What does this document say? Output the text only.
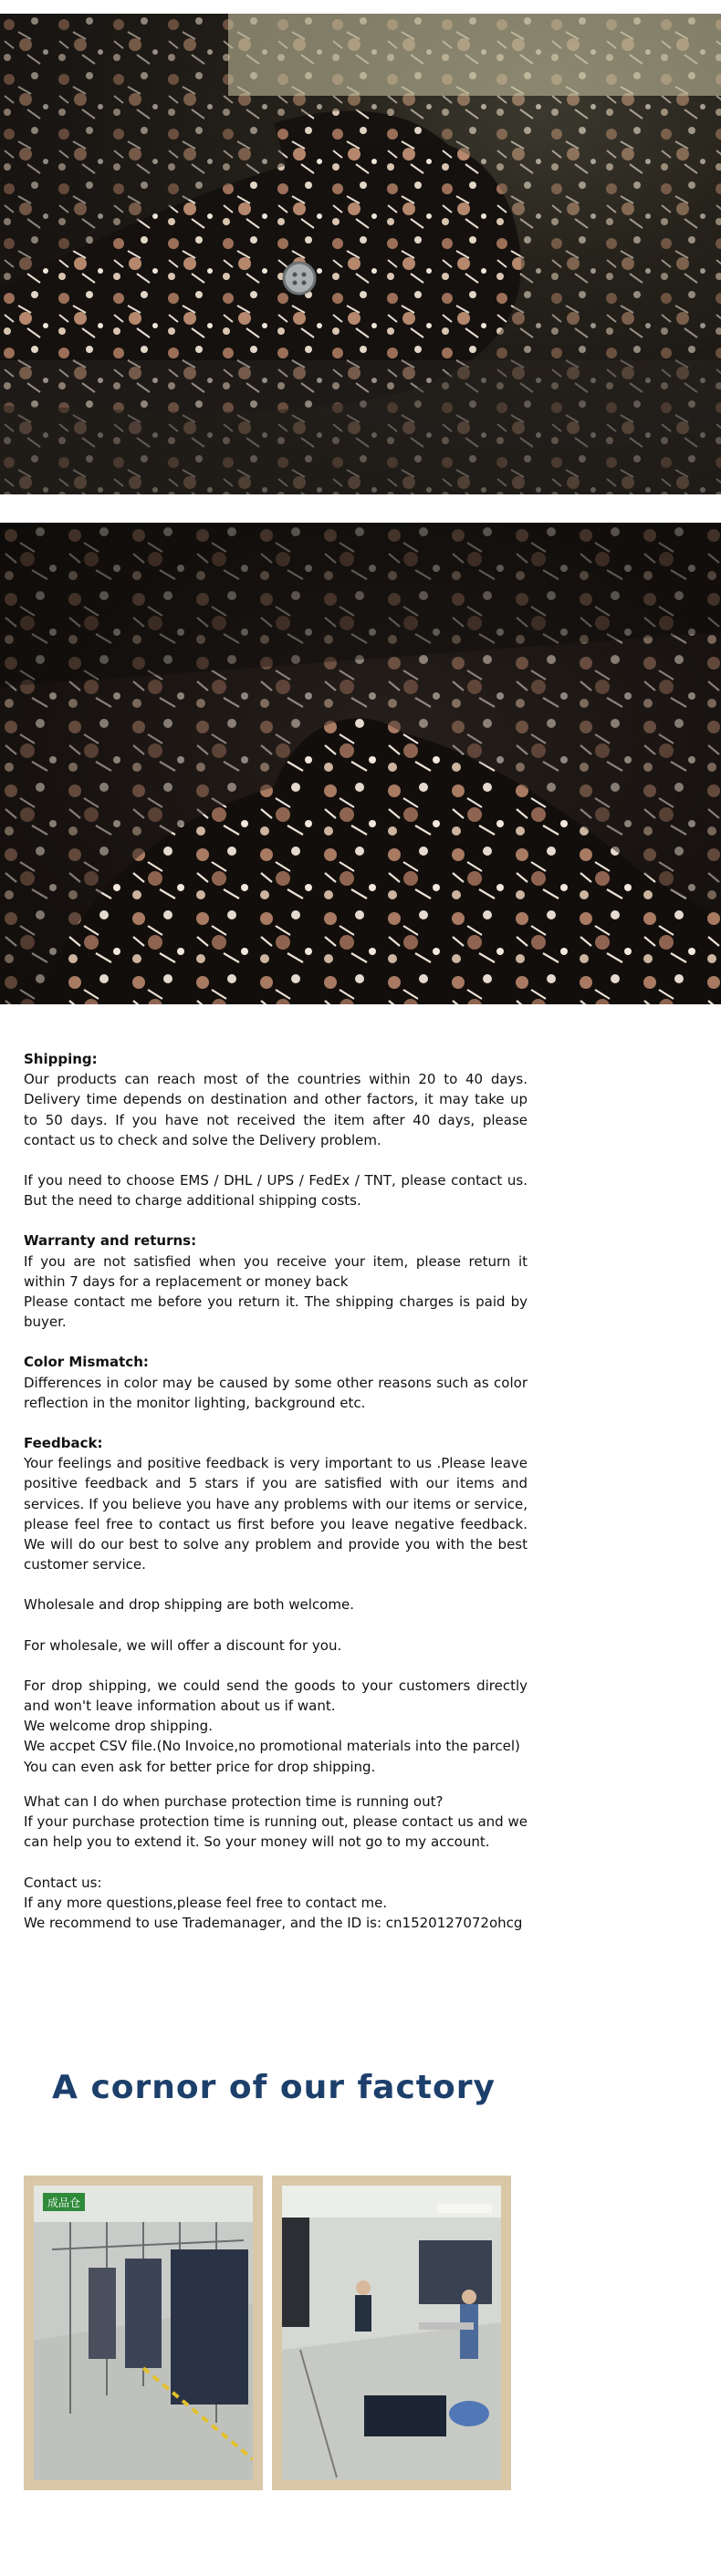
Shipping:
Our products can reach most of the countries within 20 to 40 days. Delivery time depends on destination and other factors, it may take up to 50 days. If you have not received the item after 40 days, please contact us to check and solve the Delivery problem.
If you need to choose EMS / DHL / UPS / FedEx / TNT, please contact us. But the need to charge additional shipping costs.
Warranty and returns:
If you are not satisfied when you receive your item, please return it within 7 days for a replacement or money back
Please contact me before you return it. The shipping charges is paid by buyer.
Color Mismatch:
Differences in color may be caused by some other reasons such as color reflection in the monitor lighting, background etc.
Feedback:
Your feelings and positive feedback is very important to us .Please leave positive feedback and 5 stars if you are satisfied with our items and services. If you believe you have any problems with our items or service, please feel free to contact us first before you leave negative feedback. We will do our best to solve any problem and provide you with the best customer service.
Wholesale and drop shipping are both welcome.
For wholesale, we will offer a discount for you.
For drop shipping, we could send the goods to your customers directly and won't leave information about us if want.
We welcome drop shipping.
We accpet CSV file.(No Invoice,no promotional materials into the parcel)
You can even ask for better price for drop shipping.
What can I do when purchase protection time is running out?
If your purchase protection time is running out, please contact us and we can help you to extend it. So your money will not go to my account.
Contact us:
If any more questions,please feel free to contact me.
We recommend to use Trademanager, and the ID is: cn1520127072ohcg
A cornor of our factory
成品仓
